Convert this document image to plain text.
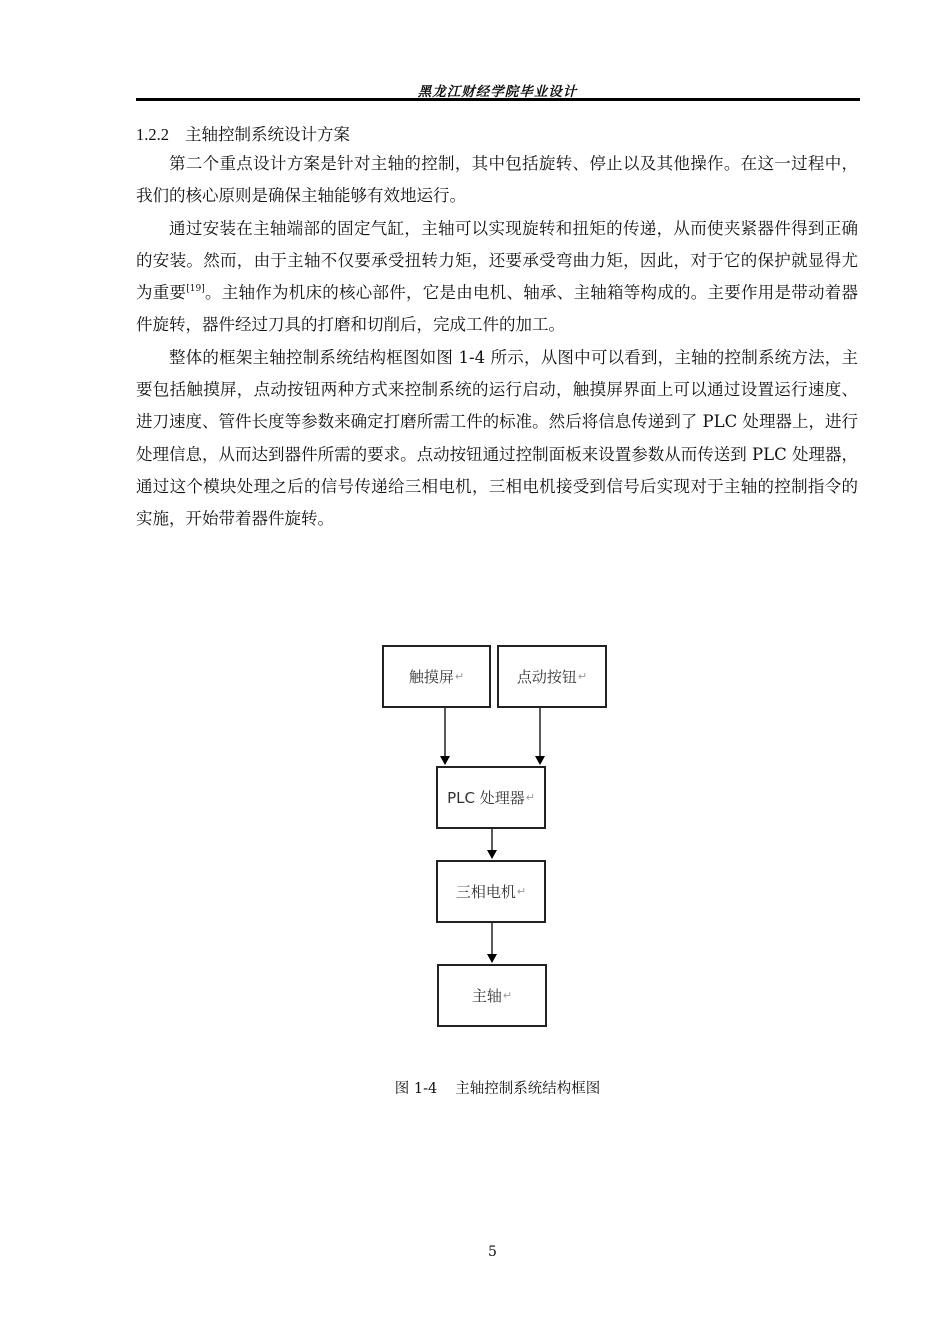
黑龙江财经学院毕业设计
1.2.2 主轴控制系统设计方案

第二个重点设计方案是针对主轴的控制，其中包括旋转、停止以及其他操作。在这一过程中，我们的核心原则是确保主轴能够有效地运行。

通过安装在主轴端部的固定气缸，主轴可以实现旋转和扭矩的传递，从而使夹紧器件得到正确的安装。然而，由于主轴不仅要承受扭转力矩，还要承受弯曲力矩，因此，对于它的保护就显得尤为重要[19]。主轴作为机床的核心部件，它是由电机、轴承、主轴箱等构成的。主要作用是带动着器件旋转，器件经过刀具的打磨和切削后，完成工件的加工。

整体的框架主轴控制系统结构框图如图 1-4 所示，从图中可以看到，主轴的控制系统方法，主要包括触摸屏，点动按钮两种方式来控制系统的运行启动，触摸屏界面上可以通过设置运行速度、进刀速度、管件长度等参数来确定打磨所需工件的标准。然后将信息传递到了 PLC 处理器上，进行处理信息，从而达到器件所需的要求。点动按钮通过控制面板来设置参数从而传送到 PLC 处理器，通过这个模块处理之后的信号传递给三相电机，三相电机接受到信号后实现对于主轴的控制指令的实施，开始带着器件旋转。

触摸屏 ↵	点动按钮 ↵
PLC 处理器 ↵
三相电机 ↵
主轴 ↵
图 1-4 主轴控制系统结构框图
5
